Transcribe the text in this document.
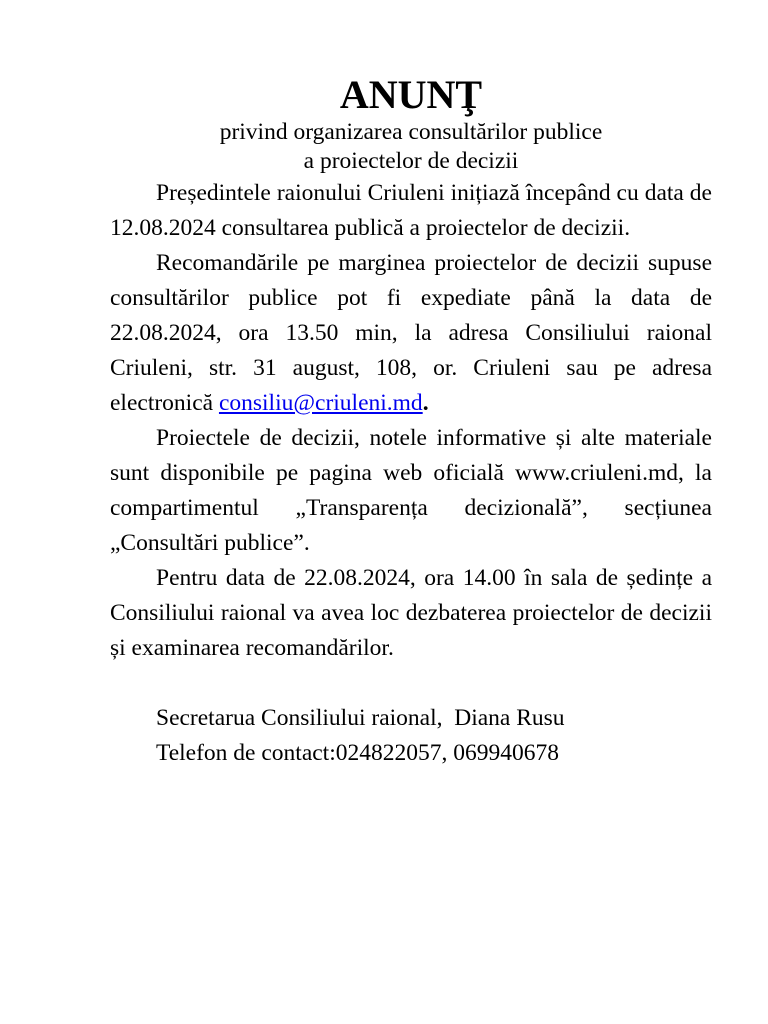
ANUNŢ

privind organizarea consultărilor publice

a proiectelor de decizii

Președintele raionului Criuleni inițiază începând cu data de 12.08.2024 consultarea publică a proiectelor de decizii.

Recomandările pe marginea proiectelor de decizii supuse consultărilor publice pot fi expediate până la data de 22.08.2024, ora 13.50 min, la adresa Consiliului raional Criuleni, str. 31 august, 108, or. Criuleni sau pe adresa electronică consiliu@criuleni.md.

Proiectele de decizii, notele informative și alte materiale sunt disponibile pe pagina web oficială www.criuleni.md, la compartimentul „Transparența decizională”, secțiunea „Consultări publice”.

Pentru data de 22.08.2024, ora 14.00 în sala de ședințe a Consiliului raional va avea loc dezbaterea proiectelor de decizii și examinarea recomandărilor.

Secretarua Consiliului raional,  Diana Rusu

Telefon de contact:024822057, 069940678
